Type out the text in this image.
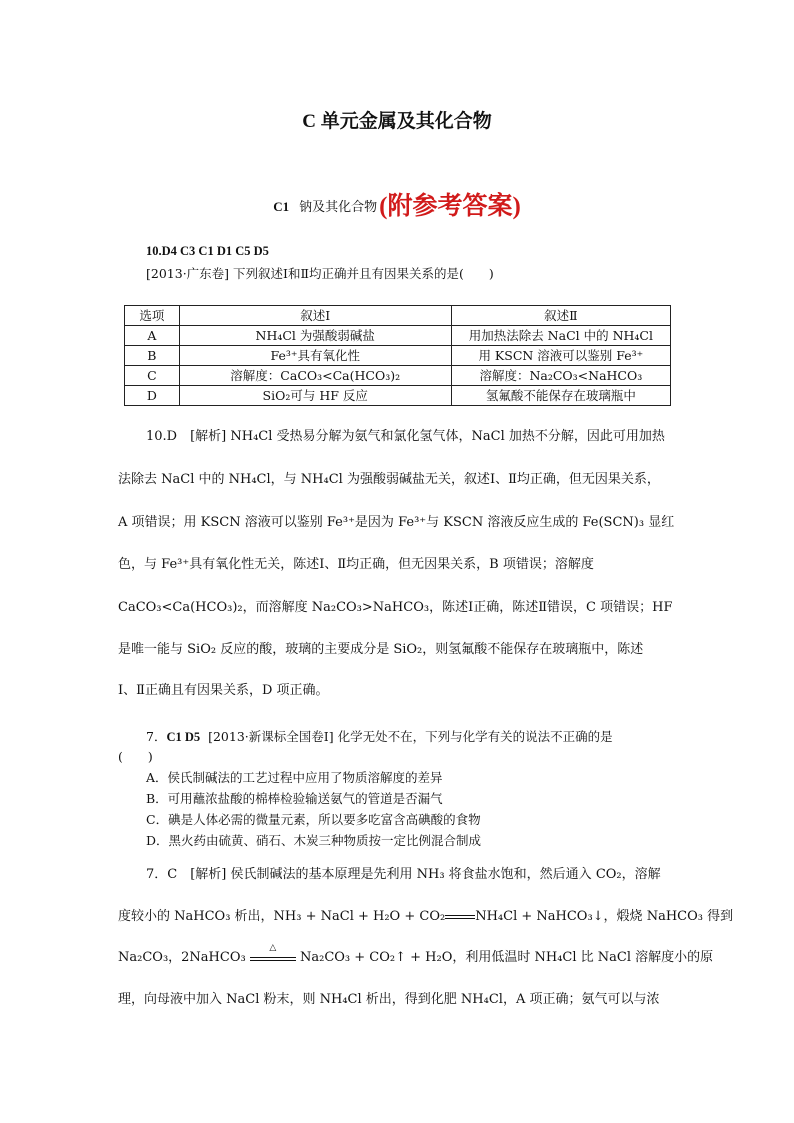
C 单元金属及其化合物
C1 钠及其化合物(附参考答案)
10.D4 C3 C1 D1 C5 D5
[2013·广东卷] 下列叙述Ⅰ和Ⅱ均正确并且有因果关系的是(　　)
选项	叙述Ⅰ	叙述Ⅱ
A	NH₄Cl 为强酸弱碱盐	用加热法除去 NaCl 中的 NH₄Cl
B	Fe³⁺具有氧化性	用 KSCN 溶液可以鉴别 Fe³⁺
C	溶解度：CaCO₃<Ca(HCO₃)₂	溶解度：Na₂CO₃<NaHCO₃
D	SiO₂可与 HF 反应	氢氟酸不能保存在玻璃瓶中
10.D　[解析] NH₄Cl 受热易分解为氨气和氯化氢气体，NaCl 加热不分解，因此可用加热
法除去 NaCl 中的 NH₄Cl，与 NH₄Cl 为强酸弱碱盐无关，叙述Ⅰ、Ⅱ均正确，但无因果关系，
A 项错误；用 KSCN 溶液可以鉴别 Fe³⁺是因为 Fe³⁺与 KSCN 溶液反应生成的 Fe(SCN)₃ 显红
色，与 Fe³⁺具有氧化性无关，陈述Ⅰ、Ⅱ均正确，但无因果关系，B 项错误；溶解度
CaCO₃<Ca(HCO₃)₂，而溶解度 Na₂CO₃>NaHCO₃，陈述Ⅰ正确，陈述Ⅱ错误，C 项错误；HF
是唯一能与 SiO₂ 反应的酸，玻璃的主要成分是 SiO₂，则氢氟酸不能保存在玻璃瓶中，陈述
Ⅰ、Ⅱ正确且有因果关系，D 项正确。
7．C1 D5 [2013·新课标全国卷Ⅰ] 化学无处不在，下列与化学有关的说法不正确的是
(　　)
A．侯氏制碱法的工艺过程中应用了物质溶解度的差异
B．可用蘸浓盐酸的棉棒检验输送氨气的管道是否漏气
C．碘是人体必需的微量元素，所以要多吃富含高碘酸的食物
D．黑火药由硫黄、硝石、木炭三种物质按一定比例混合制成
7．C　[解析] 侯氏制碱法的基本原理是先利用 NH₃ 将食盐水饱和，然后通入 CO₂，溶解
度较小的 NaHCO₃ 析出，NH₃ + NaCl + H₂O + CO₂ NH₄Cl + NaHCO₃↓，煅烧 NaHCO₃ 得到
Na₂CO₃，2NaHCO₃
△
Na₂CO₃ + CO₂↑ + H₂O，利用低温时 NH₄Cl 比 NaCl 溶解度小的原
理，向母液中加入 NaCl 粉末，则 NH₄Cl 析出，得到化肥 NH₄Cl，A 项正确；氨气可以与浓
